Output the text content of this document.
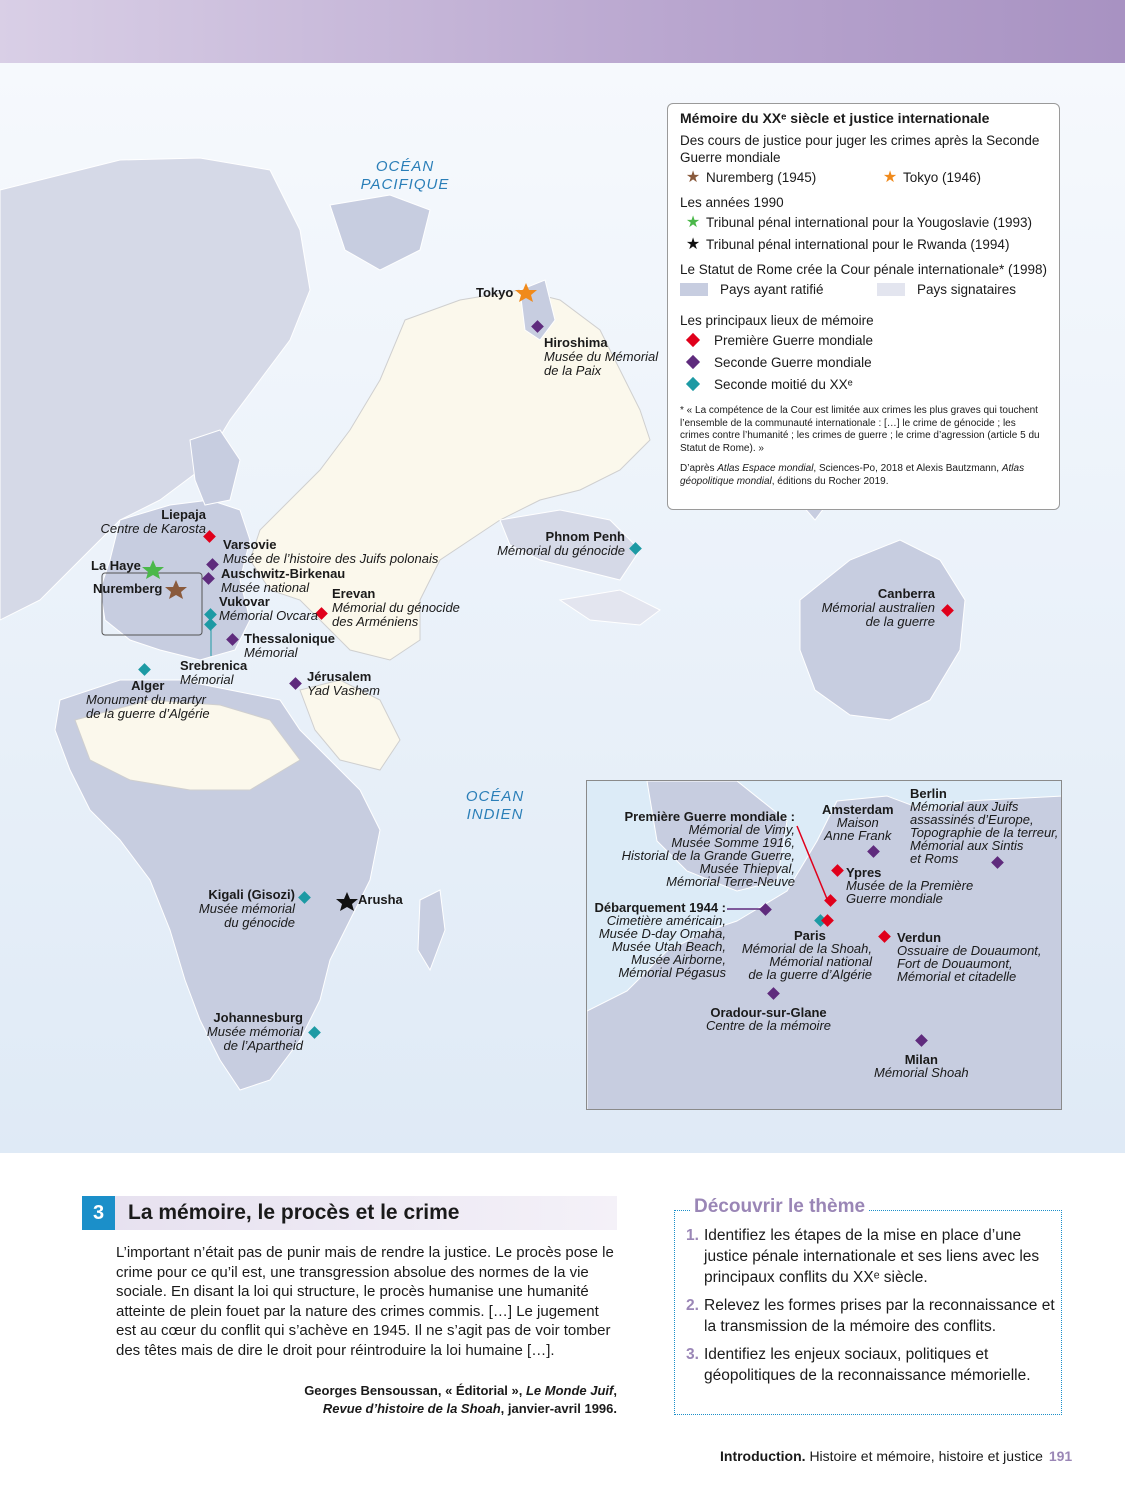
OCÉAN
PACIFIQUE
OCÉAN
INDIEN
Tokyo
Hiroshima
Musée du Mémorial
de la Paix
Liepaja
Centre de Karosta
Varsovie
Musée de l’histoire des Juifs polonais
La Haye
Auschwitz-Birkenau
Musée national
Nuremberg
Vukovar
Mémorial Ovcara
Erevan
Mémorial du génocide
des Arméniens
Thessalonique
Mémorial
Srebrenica
Mémorial
Alger
Monument du martyr
de la guerre d’Algérie
Jérusalem
Yad Vashem
Phnom Penh
Mémorial du génocide
Canberra
Mémorial australien
de la guerre
Kigali (Gisozi)
Musée mémorial
du génocide
Arusha
Johannesburg
Musée mémorial
de l’Apartheid
Mémoire du XXᵉ siècle et justice internationale
Des cours de justice pour juger les crimes après la Seconde Guerre mondiale
★ Nuremberg (1945)	★ Tokyo (1946)
Les années 1990
★ Tribunal pénal international pour la Yougoslavie (1993)
★ Tribunal pénal international pour le Rwanda (1994)
Le Statut de Rome crée la Cour pénale internationale* (1998)
Pays ayant ratifié	Pays signataires
Les principaux lieux de mémoire
Première Guerre mondiale
Seconde Guerre mondiale
Seconde moitié du XXᵉ
* « La compétence de la Cour est limitée aux crimes les plus graves qui touchent l’ensemble de la communauté internationale : […] le crime de génocide ; les crimes contre l’humanité ; les crimes de guerre ; le crime d’agression (article 5 du Statut de Rome). »
D’après Atlas Espace mondial, Sciences-Po, 2018 et Alexis Bautzmann, Atlas géopolitique mondial, éditions du Rocher 2019.
Première Guerre mondiale :
Mémorial de Vimy,
Musée Somme 1916,
Historial de la Grande Guerre,
Musée Thiepval,
Mémorial Terre-Neuve
Débarquement 1944 :
Cimetière américain,
Musée D-day Omaha,
Musée Utah Beach,
Musée Airborne,
Mémorial Pégasus
Amsterdam
Maison
Anne Frank
Berlin
Mémorial aux Juifs
assassinés d’Europe,
Topographie de la terreur,
Mémorial aux Sintis
et Roms
Ypres
Musée de la Première
Guerre mondiale
Paris
Mémorial de la Shoah,
Mémorial national
de la guerre d’Algérie
Verdun
Ossuaire de Douaumont,
Fort de Douaumont,
Mémorial et citadelle
Oradour-sur-Glane
Centre de la mémoire
Milan
Mémorial Shoah
3	La mémoire, le procès et le crime
L’important n’était pas de punir mais de rendre la justice. Le procès pose le crime pour ce qu’il est, une transgression absolue des normes de la vie sociale. En disant la loi qui structure, le procès humanise une humanité atteinte de plein fouet par la nature des crimes commis. […] Le jugement est au cœur du conflit qui s’achève en 1945. Il ne s’agit pas de voir tomber des têtes mais de dire le droit pour réintroduire la loi humaine […].
Georges Bensoussan, « Éditorial », Le Monde Juif,
Revue d’histoire de la Shoah, janvier-avril 1996.
Découvrir le thème
1. Identifiez les étapes de la mise en place d’une justice pénale internationale et ses liens avec les principaux conflits du XXᵉ siècle.
2. Relevez les formes prises par la reconnaissance et la transmission de la mémoire des conflits.
3. Identifiez les enjeux sociaux, politiques et géopolitiques de la reconnaissance mémorielle.
Introduction. Histoire et mémoire, histoire et justice 191
